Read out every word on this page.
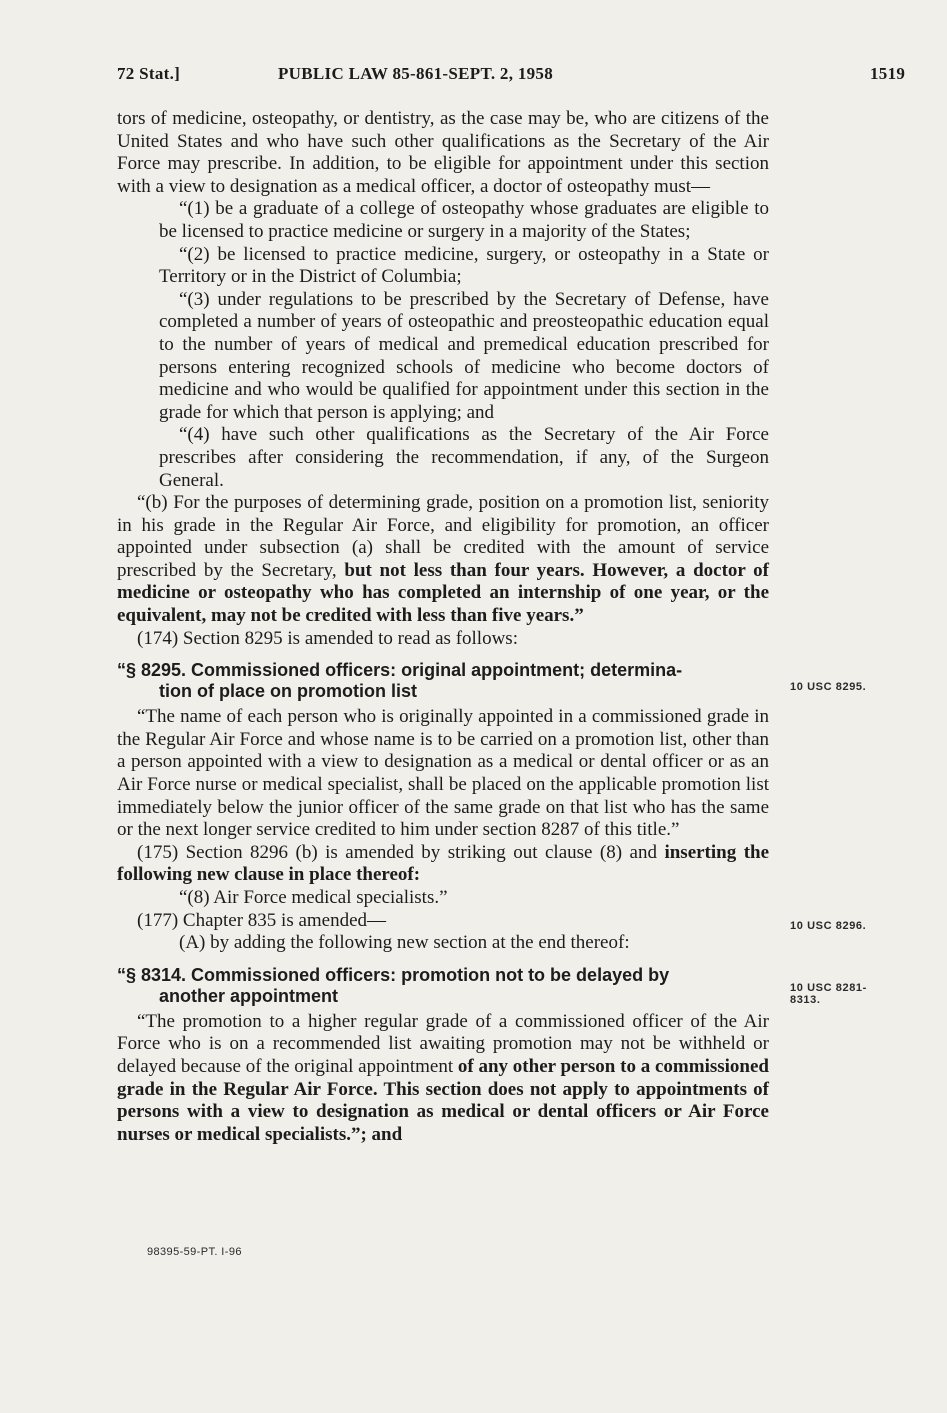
72 Stat.]	PUBLIC LAW 85-861-SEPT. 2, 1958	1519

tors of medicine, osteopathy, or dentistry, as the case may be, who are citizens of the United States and who have such other qualifications as the Secretary of the Air Force may prescribe. In addition, to be eligible for appointment under this section with a view to designation as a medical officer, a doctor of osteopathy must—

“(1) be a graduate of a college of osteopathy whose graduates are eligible to be licensed to practice medicine or surgery in a majority of the States;

“(2) be licensed to practice medicine, surgery, or osteopathy in a State or Territory or in the District of Columbia;

“(3) under regulations to be prescribed by the Secretary of Defense, have completed a number of years of osteopathic and preosteopathic education equal to the number of years of medical and premedical education prescribed for persons entering recognized schools of medicine who become doctors of medicine and who would be qualified for appointment under this section in the grade for which that person is applying; and

“(4) have such other qualifications as the Secretary of the Air Force prescribes after considering the recommendation, if any, of the Surgeon General.

“(b) For the purposes of determining grade, position on a promotion list, seniority in his grade in the Regular Air Force, and eligibility for promotion, an officer appointed under subsection (a) shall be credited with the amount of service prescribed by the Secretary, but not less than four years. However, a doctor of medicine or osteopathy who has completed an internship of one year, or the equivalent, may not be credited with less than five years.”

(174) Section 8295 is amended to read as follows:

“§ 8295. Commissioned officers: original appointment; determina-
tion of place on promotion list

“The name of each person who is originally appointed in a commissioned grade in the Regular Air Force and whose name is to be carried on a promotion list, other than a person appointed with a view to designation as a medical or dental officer or as an Air Force nurse or medical specialist, shall be placed on the applicable promotion list immediately below the junior officer of the same grade on that list who has the same or the next longer service credited to him under section 8287 of this title.”

(175) Section 8296 (b) is amended by striking out clause (8) and inserting the following new clause in place thereof:

“(8) Air Force medical specialists.”

(177) Chapter 835 is amended—

(A) by adding the following new section at the end thereof:

“§ 8314. Commissioned officers: promotion not to be delayed by
another appointment

“The promotion to a higher regular grade of a commissioned officer of the Air Force who is on a recommended list awaiting promotion may not be withheld or delayed because of the original appointment of any other person to a commissioned grade in the Regular Air Force. This section does not apply to appointments of persons with a view to designation as medical or dental officers or Air Force nurses or medical specialists.”; and

10 USC 8295.
10 USC 8296.
10 USC 8281-
8313.
98395-59-PT. I-96
